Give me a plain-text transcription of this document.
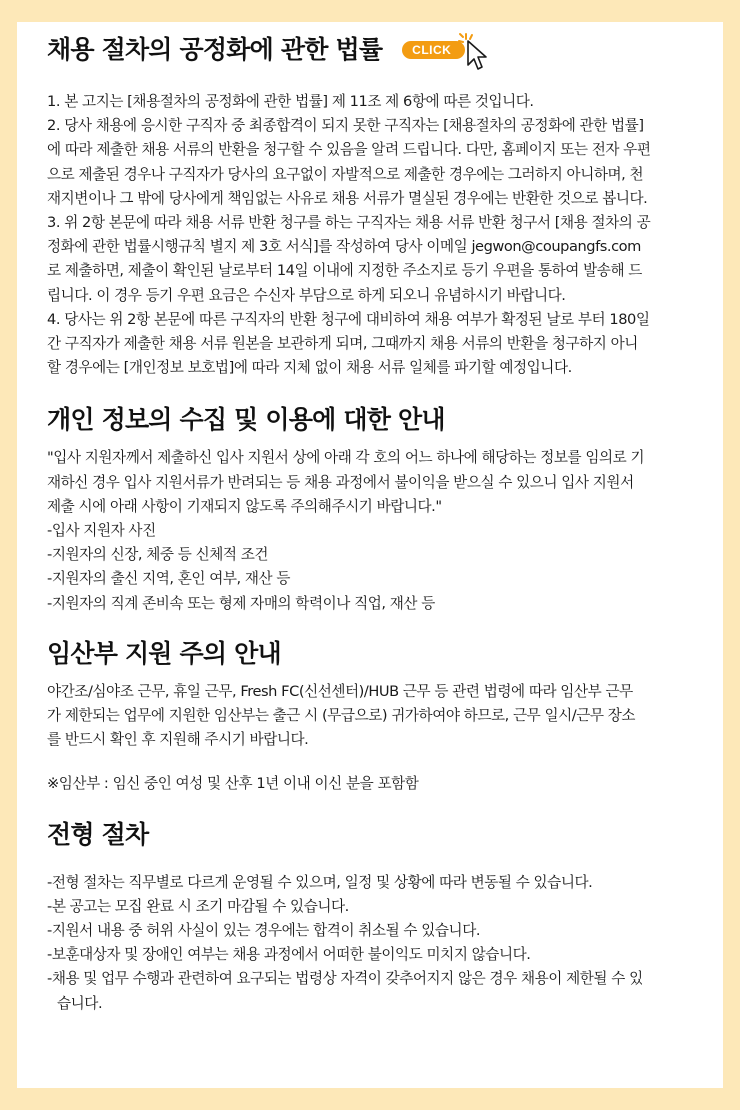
채용 절차의 공정화에 관한 법률	CLICK
1. 본 고지는 [채용절차의 공정화에 관한 법률] 제 11조 제 6항에 따른 것입니다.
2. 당사 채용에 응시한 구직자 중 최종합격이 되지 못한 구직자는 [채용절차의 공정화에 관한 법률]
에 따라 제출한 채용 서류의 반환을 청구할 수 있음을 알려 드립니다. 다만, 홈페이지 또는 전자 우편
으로 제출된 경우나 구직자가 당사의 요구없이 자발적으로 제출한 경우에는 그러하지 아니하며, 천
재지변이나 그 밖에 당사에게 책임없는 사유로 채용 서류가 멸실된 경우에는 반환한 것으로 봅니다.
3. 위 2항 본문에 따라 채용 서류 반환 청구를 하는 구직자는 채용 서류 반환 청구서 [채용 절차의 공
정화에 관한 법률시행규칙 별지 제 3호 서식]를 작성하여 당사 이메일 jegwon@coupangfs.com
로 제출하면, 제출이 확인된 날로부터 14일 이내에 지정한 주소지로 등기 우편을 통하여 발송해 드
립니다. 이 경우 등기 우편 요금은 수신자 부담으로 하게 되오니 유념하시기 바랍니다.
4. 당사는 위 2항 본문에 따른 구직자의 반환 청구에 대비하여 채용 여부가 확정된 날로 부터 180일
간 구직자가 제출한 채용 서류 원본을 보관하게 되며, 그때까지 채용 서류의 반환을 청구하지 아니
할 경우에는 [개인정보 보호법]에 따라 지체 없이 채용 서류 일체를 파기할 예정입니다.
개인 정보의 수집 및 이용에 대한 안내
"입사 지원자께서 제출하신 입사 지원서 상에 아래 각 호의 어느 하나에 해당하는 정보를 임의로 기
재하신 경우 입사 지원서류가 반려되는 등 채용 과정에서 불이익을 받으실 수 있으니 입사 지원서
제출 시에 아래 사항이 기재되지 않도록 주의해주시기 바랍니다."
-입사 지원자 사진
-지원자의 신장, 체중 등 신체적 조건
-지원자의 출신 지역, 혼인 여부, 재산 등
-지원자의 직계 존비속 또는 형제 자매의 학력이나 직업, 재산 등
임산부 지원 주의 안내
야간조/심야조 근무, 휴일 근무, Fresh FC(신선센터)/HUB 근무 등 관련 법령에 따라 임산부 근무
가 제한되는 업무에 지원한 임산부는 출근 시 (무급으로) 귀가하여야 하므로, 근무 일시/근무 장소
를 반드시 확인 후 지원해 주시기 바랍니다.
※임산부 : 임신 중인 여성 및 산후 1년 이내 이신 분을 포함함
전형 절차
-전형 절차는 직무별로 다르게 운영될 수 있으며, 일정 및 상황에 따라 변동될 수 있습니다.
-본 공고는 모집 완료 시 조기 마감될 수 있습니다.
-지원서 내용 중 허위 사실이 있는 경우에는 합격이 취소될 수 있습니다.
-보훈대상자 및 장애인 여부는 채용 과정에서 어떠한 불이익도 미치지 않습니다.
-채용 및 업무 수행과 관련하여 요구되는 법령상 자격이 갖추어지지 않은 경우 채용이 제한될 수 있
습니다.
